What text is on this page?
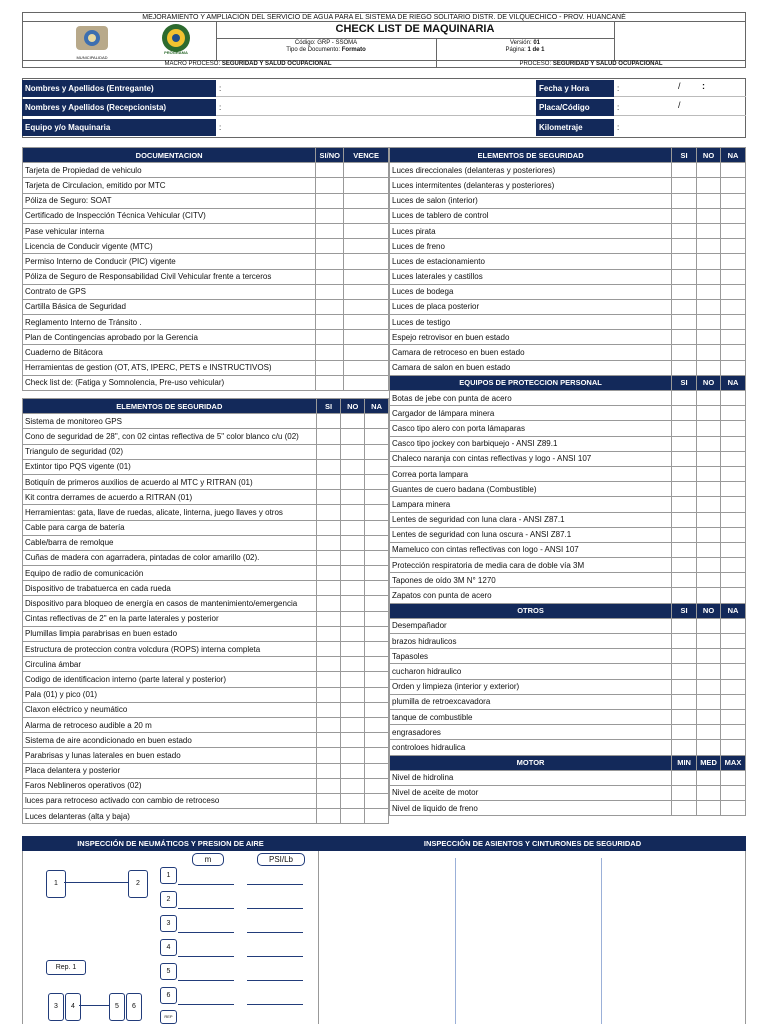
MEJORAMIENTO Y AMPLIACIÓN DEL SERVICIO DE AGUA PARA EL SISTEMA DE RIEGO SOLITARIO DISTR. DE VILQUECHICO - PROV. HUANCANÉ
MUNICIPALIDAD
PROGRAMA
CHECK LIST DE MAQUINARIA
Código: GRP - SSOMA
Tipo de Documento: Formato
Versión: 01
Página: 1 de 1
MACRO PROCESO: SEGURIDAD Y SALUD OCUPACIONAL	PROCESO: SEGURIDAD Y SALUD OCUPACIONAL
Nombres y Apellidos (Entregante)	:
Nombres y Apellidos (Recepcionista)	:
Equipo y/o Maquinaria	:
Fecha y Hora	:	/ :
Placa/Código	:	/
Kilometraje	:
DOCUMENTACION	SI/NO	VENCE
Tarjeta de Propiedad de vehiculo		
Tarjeta de Circulacion, emitido por MTC		
Póliza de Seguro: SOAT		
Certificado de Inspección Técnica Vehicular (CITV)		
Pase vehicular interna		
Licencia de Conducir vigente (MTC)		
Permiso Interno de Conducir (PIC) vigente		
Póliza de Seguro de Responsabilidad Civil Vehicular frente a terceros		
Contrato de GPS		
Cartilla Básica de Seguridad		
Reglamento Interno de Tránsito .		
Plan de Contingencias aprobado por la Gerencia		
Cuaderno de Bitácora		
Herramientas de gestion (OT, ATS, IPERC, PETS e INSTRUCTIVOS)		
Check list de: (Fatiga y Somnolencia, Pre-uso vehicular)		
ELEMENTOS DE SEGURIDAD	SI	NO	NA
Sistema de monitoreo GPS			
Cono de seguridad de 28", con 02 cintas reflectiva de 5" color blanco c/u (02)			
Triangulo de seguridad (02)			
Extintor tipo PQS vigente (01)			
Botiquín de primeros auxilios de acuerdo al MTC y RITRAN (01)			
Kit contra derrames de acuerdo a RITRAN (01)			
Herramientas: gata, llave de ruedas, alicate, linterna, juego llaves y otros			
Cable para carga de batería			
Cable/barra de remolque			
Cuñas de madera con agarradera, pintadas de color amarillo (02).			
Equipo de radio de comunicación			
Dispositivo de trabatuerca en cada rueda			
Dispositivo para bloqueo de energía en casos de mantenimiento/emergencia			
Cintas reflectivas de 2" en la parte laterales y posterior			
Plumillas limpia parabrisas en buen estado			
Estructura de proteccion contra volcdura (ROPS) interna completa			
Circulina ámbar			
Codigo de identificacion interno (parte lateral y posterior)			
Pala (01) y pico (01)			
Claxon eléctrico y neumático			
Alarma de retroceso audible a 20 m			
Sistema de aire acondicionado en buen estado			
Parabrisas y lunas laterales en buen estado			
Placa delantera y posterior			
Faros Neblineros operativos (02)			
luces para retroceso activado con cambio de retroceso			
Luces delanteras (alta y baja)			
ELEMENTOS DE SEGURIDAD	SI	NO	NA
Luces direccionales (delanteras y posteriores)			
Luces intermitentes (delanteras y posteriores)			
Luces de salon (interior)			
Luces de tablero de control			
Luces pirata			
Luces de freno			
Luces de estacionamiento			
Luces laterales y castillos			
Luces de bodega			
Luces de placa posterior			
Luces de testigo			
Espejo retrovisor en buen estado			
Camara de retroceso en buen estado			
Camara de salon en buen estado			
EQUIPOS DE PROTECCION PERSONAL	SI	NO	NA
Botas de jebe con punta de acero			
Cargador de lámpara minera			
Casco tipo alero con porta lámaparas			
Casco tipo jockey con barbiquejo - ANSI Z89.1			
Chaleco naranja con cintas reflectivas y logo - ANSI 107			
Correa porta lampara			
Guantes de cuero badana (Combustible)			
Lampara minera			
Lentes de seguridad con luna clara - ANSI Z87.1			
Lentes de seguridad con luna oscura - ANSI Z87.1			
Mameluco con cintas reflectivas con logo - ANSI 107			
Protección respiratoria de media cara de doble vía 3M			
Tapones de oído 3M N° 1270			
Zapatos con punta de acero			
OTROS	SI	NO	NA
Desempañador			
brazos hidraulicos			
Tapasoles			
cucharon hidraulico			
Orden y limpieza (interior y exterior)			
plumilla de retroexcavadora			
tanque de combustible			
engrasadores			
controloes hidraulica			
MOTOR	MIN	MED	MAX
Nivel de hidrolina			
Nivel de aceite de motor			
Nivel de liquido de freno			
INSPECCIÓN DE NEUMÁTICOS Y PRESION DE AIRE	INSPECCIÓN DE ASIENTOS Y CINTURONES DE SEGURIDAD
m	PSI/Lb
1	2
Rep. 1
3	4	5	6
1
2
3
4
5
6
REP
